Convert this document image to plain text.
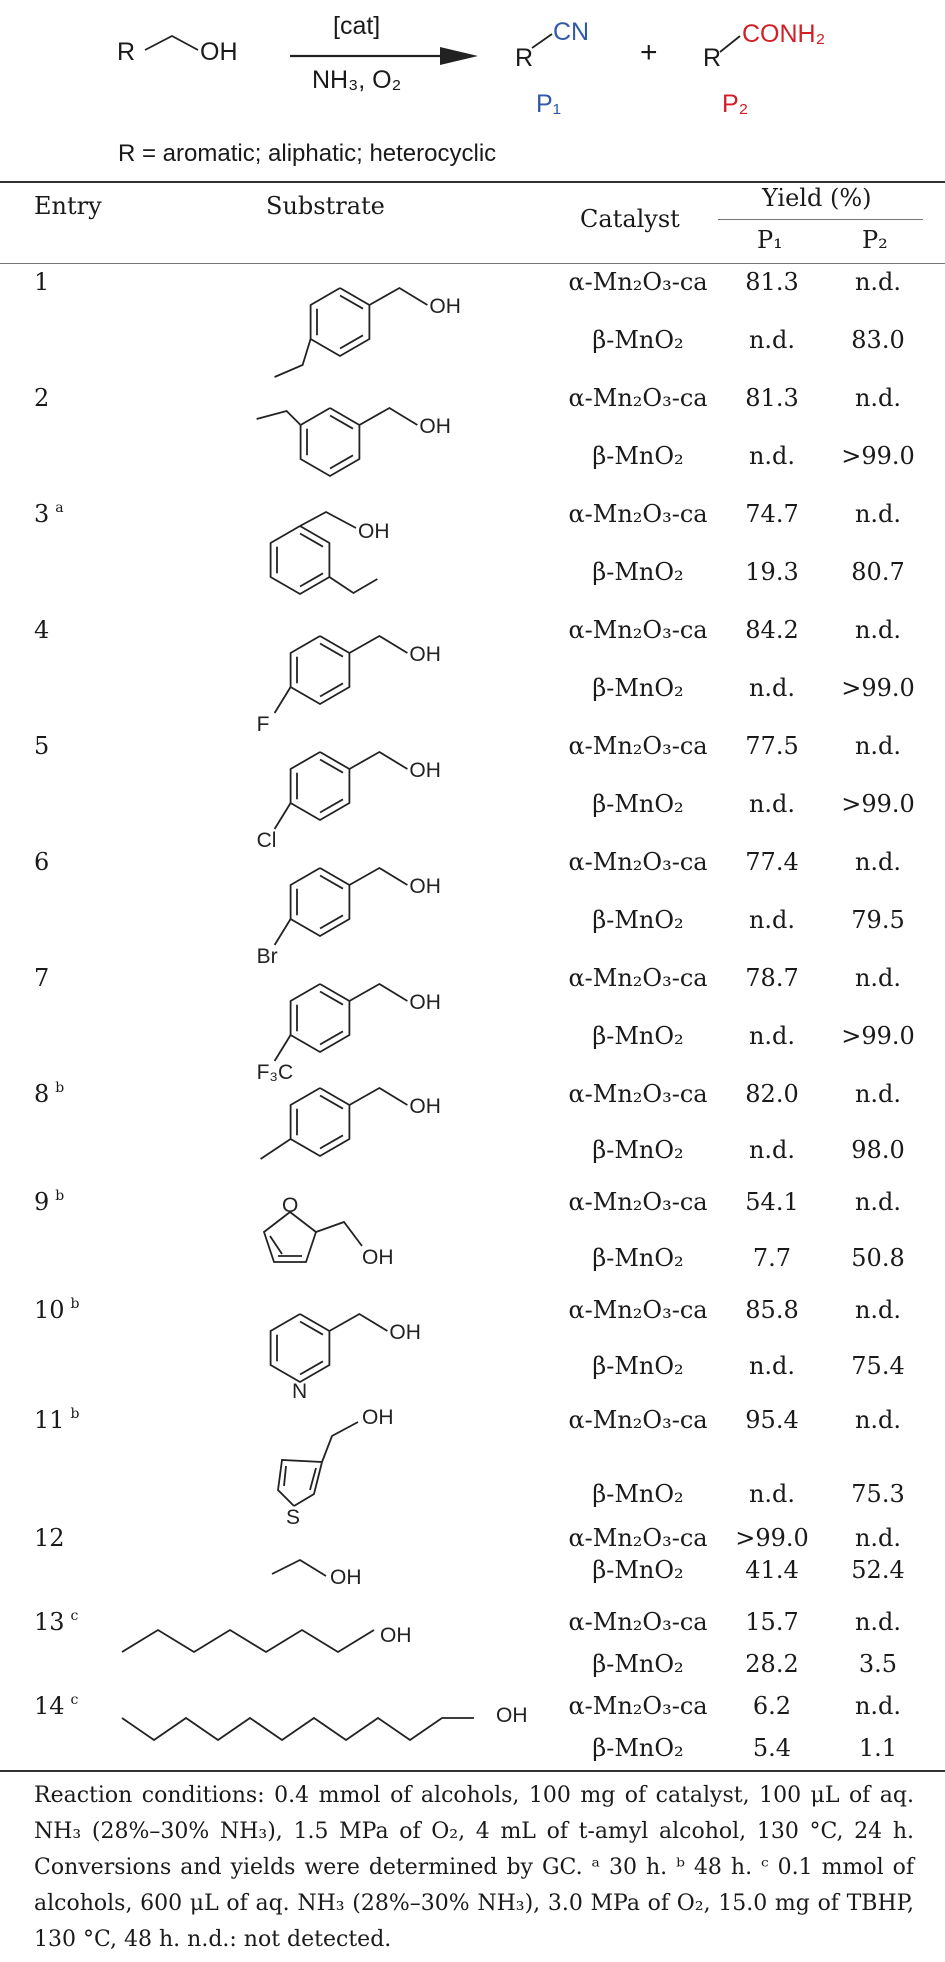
R	OH
[cat]
NH₃, O₂
R
CN
P₁
+ R
CONH₂
P₂
R = aromatic; aliphatic; heterocyclic
Entry	Substrate	Catalyst
Yield (%)
P₁	P₂
1	α-Mn₂O₃-ca	81.3	n.d.
β-MnO₂	n.d.	83.0
OH
2	α-Mn₂O₃-ca	81.3	n.d.
β-MnO₂	n.d.	>99.0
OH
3 $^a$	α-Mn₂O₃-ca	74.7	n.d.
β-MnO₂	19.3	80.7
OH
4	α-Mn₂O₃-ca	84.2	n.d.
β-MnO₂	n.d.	>99.0
OH
F
5	α-Mn₂O₃-ca	77.5	n.d.
β-MnO₂	n.d.	>99.0
OH
Cl
6	α-Mn₂O₃-ca	77.4	n.d.
β-MnO₂	n.d.	79.5
OH
Br
7	α-Mn₂O₃-ca	78.7	n.d.
β-MnO₂	n.d.	>99.0
OH
F₃C
8 $^b$	α-Mn₂O₃-ca	82.0	n.d.
β-MnO₂	n.d.	98.0
OH
9 $^b$	α-Mn₂O₃-ca	54.1	n.d.
β-MnO₂	7.7	50.8
OH
O
10 $^b$	α-Mn₂O₃-ca	85.8	n.d.
β-MnO₂	n.d.	75.4
OH
N
11 $^b$	α-Mn₂O₃-ca	95.4	n.d.
β-MnO₂	n.d.	75.3
OH
S
12	α-Mn₂O₃-ca	>99.0	n.d.
β-MnO₂	41.4	52.4
OH
13 $^c$	α-Mn₂O₃-ca	15.7	n.d.
β-MnO₂	28.2	3.5
OH
14 $^c$	α-Mn₂O₃-ca	6.2	n.d.
β-MnO₂	5.4	1.1
OH
Reaction conditions: 0.4 mmol of alcohols, 100 mg of catalyst, 100 μL of aq. NH₃ (28%–30% NH₃), 1.5 MPa of O₂, 4 mL of t-amyl alcohol, 130 °C, 24 h. Conversions and yields were determined by GC. ᵃ 30 h. ᵇ 48 h. ᶜ 0.1 mmol of alcohols, 600 μL of aq. NH₃ (28%–30% NH₃), 3.0 MPa of O₂, 15.0 mg of TBHP, 130 °C, 48 h. n.d.: not detected.
